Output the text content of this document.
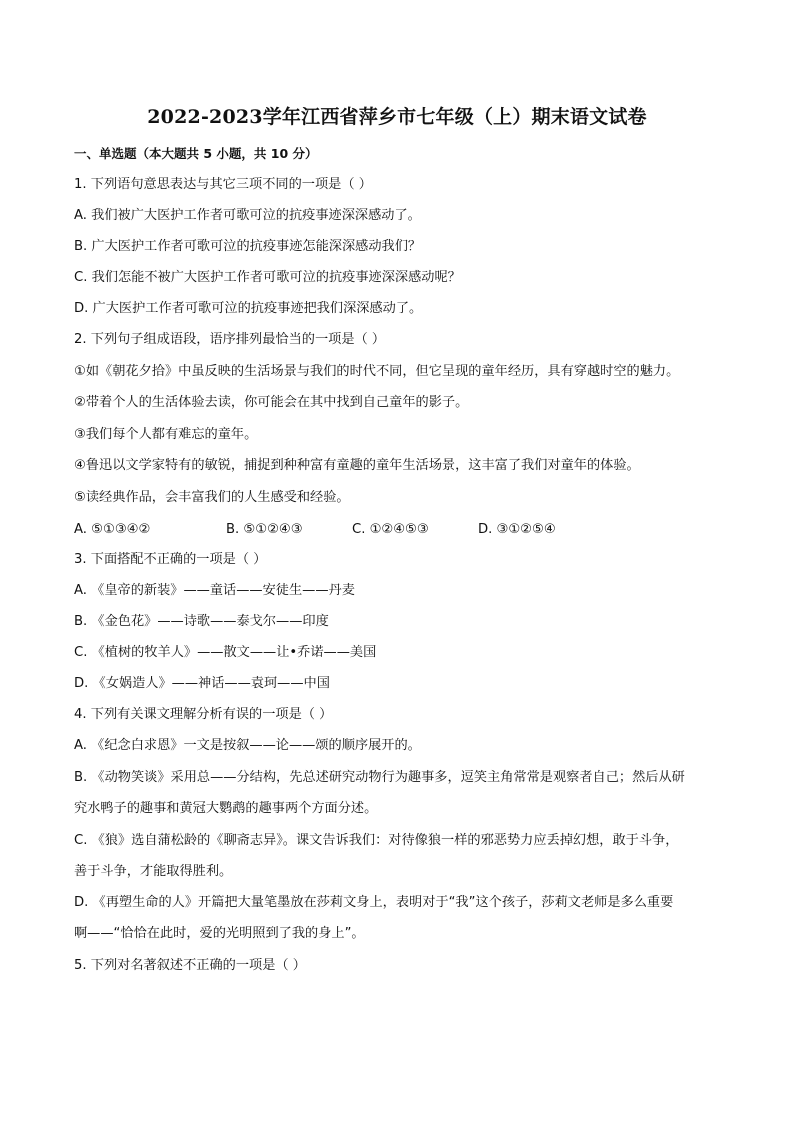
2022-2023学年江西省萍乡市七年级（上）期末语文试卷
一、单选题（本大题共 5 小题，共 10 分）
1. 下列语句意思表达与其它三项不同的一项是（ ）
A. 我们被广大医护工作者可歌可泣的抗疫事迹深深感动了。
B. 广大医护工作者可歌可泣的抗疫事迹怎能深深感动我们？
C. 我们怎能不被广大医护工作者可歌可泣的抗疫事迹深深感动呢？
D. 广大医护工作者可歌可泣的抗疫事迹把我们深深感动了。
2. 下列句子组成语段，语序排列最恰当的一项是（ ）
①如《朝花夕拾》中虽反映的生活场景与我们的时代不同，但它呈现的童年经历，具有穿越时空的魅力。
②带着个人的生活体验去读，你可能会在其中找到自己童年的影子。
③我们每个人都有难忘的童年。
④鲁迅以文学家特有的敏锐，捕捉到种种富有童趣的童年生活场景，这丰富了我们对童年的体验。
⑤读经典作品，会丰富我们的人生感受和经验。
A. ⑤①③④②	B. ⑤①②④③	C. ①②④⑤③	D. ③①②⑤④
3. 下面搭配不正确的一项是（ ）
A. 《皇帝的新装》——童话——安徒生——丹麦
B. 《金色花》——诗歌——泰戈尔——印度
C. 《植树的牧羊人》——散文——让•乔诺——美国
D. 《女娲造人》——神话——袁珂——中国
4. 下列有关课文理解分析有误的一项是（ ）
A. 《纪念白求恩》一文是按叙——论——颂的顺序展开的。
B. 《动物笑谈》采用总——分结构，先总述研究动物行为趣事多，逗笑主角常常是观察者自己；然后从研
究水鸭子的趣事和黄冠大鹦鹉的趣事两个方面分述。
C. 《狼》选自蒲松龄的《聊斋志异》。课文告诉我们：对待像狼一样的邪恶势力应丢掉幻想，敢于斗争，
善于斗争，才能取得胜利。
D. 《再塑生命的人》开篇把大量笔墨放在莎莉文身上，表明对于“我”这个孩子，莎莉文老师是多么重要
啊——“恰恰在此时，爱的光明照到了我的身上”。
5. 下列对名著叙述不正确的一项是（ ）
